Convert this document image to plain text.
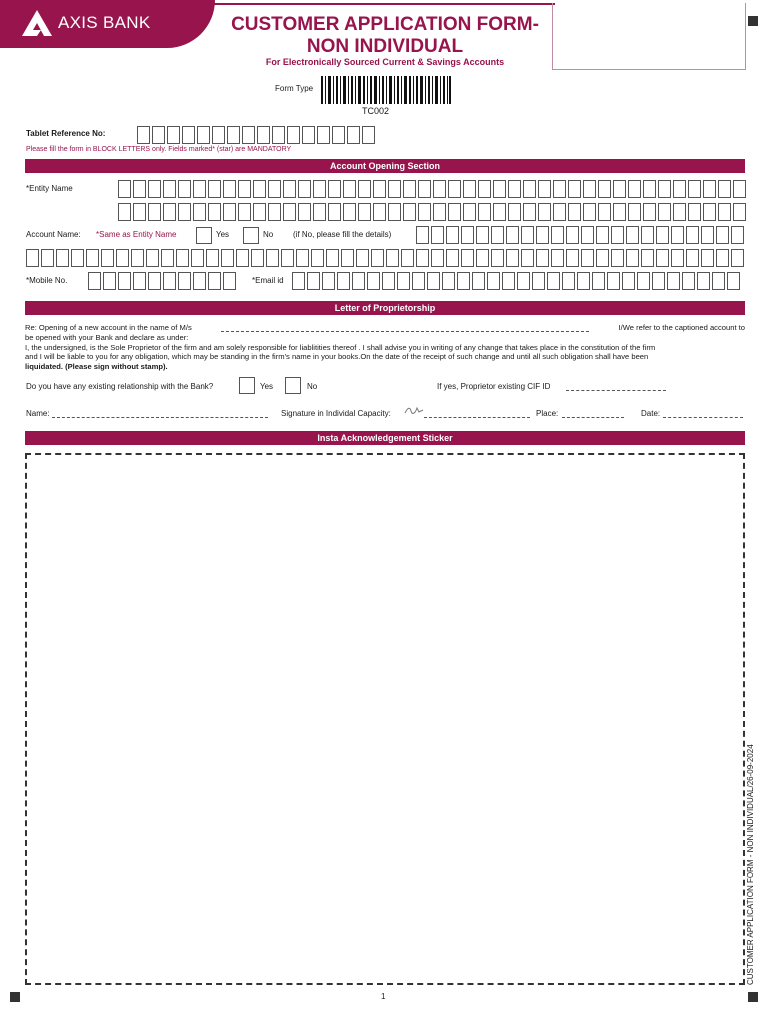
AXIS BANK	CUSTOMER APPLICATION FORM-
NON INDIVIDUAL
For Electronically Sourced Current & Savings Accounts
Form Type
TC002
Tablet Reference No:
Please fill the form in BLOCK LETTERS only. Fields marked* (star) are MANDATORY
Account Opening Section
*Entity Name
Account Name: *Same as Entity Name	Yes	No (if No, please fill the details)
*Mobile No.	*Email id
Letter of Proprietorship
Re: Opening of a new account in the name of M/s	I/We refer to the captioned account to
be opened with your Bank and declare as under:
I, the undersigned, is the Sole Proprietor of the firm and am solely responsible for liablitities thereof . I shall advise you in writing of any change that takes place in the constitution of the firm
and I will be liable to you for any obligation, which may be standing in the firm's name in your books.On the date of the receipt of such change and until all such obligation shall have been
liquidated. (Please sign without stamp).
Do you have any existing relationship with the Bank?	Yes	No	If yes, Proprietor existing CIF ID
Name:	Signature in Individal Capacity:	Place:	Date:
Insta Acknowledgement Sticker
CUSTOMER APPLICATION FORM - NON INDIVIDUAL/26-09-2024
1
